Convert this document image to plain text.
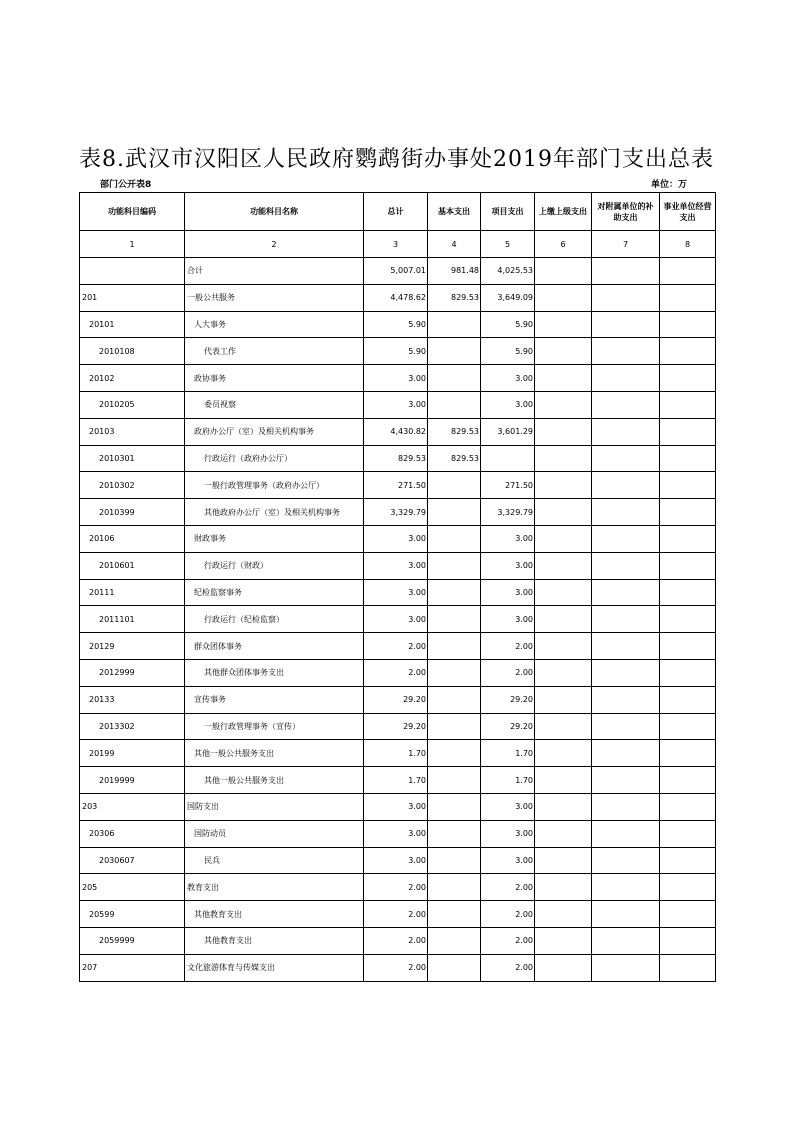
表8.武汉市汉阳区人民政府鹦鹉街办事处2019年部门支出总表
部门公开表8	单位：万
功能科目编码	功能科目名称	总计	基本支出	项目支出	上缴上级支出	对附属单位的补助支出	事业单位经营支出
1	2	3	4	5	6	7	8
	合计	5,007.01	981.48	4,025.53			
201	一般公共服务	4,478.62	829.53	3,649.09			
20101	人大事务	5.90		5.90			
2010108	代表工作	5.90		5.90			
20102	政协事务	3.00		3.00			
2010205	委员视察	3.00		3.00			
20103	政府办公厅（室）及相关机构事务	4,430.82	829.53	3,601.29			
2010301	行政运行（政府办公厅）	829.53	829.53				
2010302	一般行政管理事务（政府办公厅）	271.50		271.50			
2010399	其他政府办公厅（室）及相关机构事务	3,329.79		3,329.79			
20106	财政事务	3.00		3.00			
2010601	行政运行（财政）	3.00		3.00			
20111	纪检监察事务	3.00		3.00			
2011101	行政运行（纪检监察）	3.00		3.00			
20129	群众团体事务	2.00		2.00			
2012999	其他群众团体事务支出	2.00		2.00			
20133	宣传事务	29.20		29.20			
2013302	一般行政管理事务（宣传）	29.20		29.20			
20199	其他一般公共服务支出	1.70		1.70			
2019999	其他一般公共服务支出	1.70		1.70			
203	国防支出	3.00		3.00			
20306	国防动员	3.00		3.00			
2030607	民兵	3.00		3.00			
205	教育支出	2.00		2.00			
20599	其他教育支出	2.00		2.00			
2059999	其他教育支出	2.00		2.00			
207	文化旅游体育与传媒支出	2.00		2.00			
